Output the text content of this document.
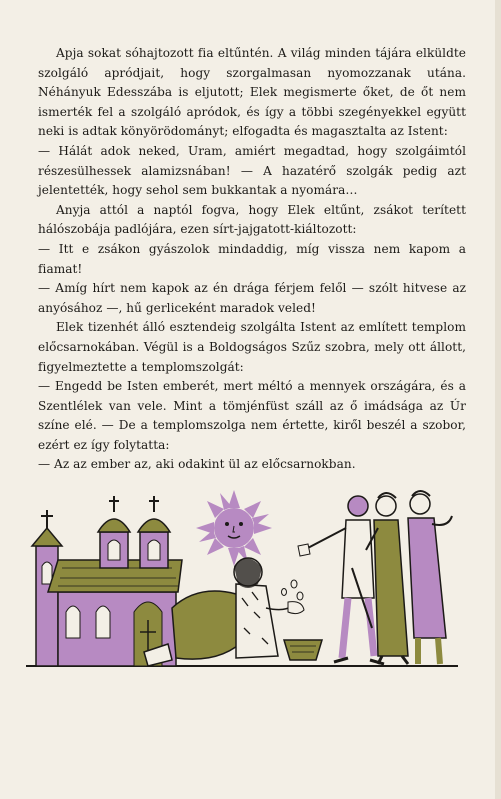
Apja sokat sóhajtozott fia eltűntén. A világ minden tájára elküldte szolgáló apródjait, hogy szorgalmasan nyomozzanak utána. Néhányuk Edesszába is eljutott; Elek megismerte őket, de őt nem ismerték fel a szolgáló apródok, és így a többi szegényekkel együtt neki is adtak könyörödományt; elfogadta és magasztalta az Istent:

— Hálát adok neked, Uram, amiért megadtad, hogy szolgáimtól részesülhessek alamizsnában! — A hazatérő szolgák pedig azt jelentették, hogy sehol sem bukkantak a nyomára…

Anyja attól a naptól fogva, hogy Elek eltűnt, zsákot terített hálószobája padlójára, ezen sírt-jajgatott-kiáltozott:

— Itt e zsákon gyászolok mindaddig, míg vissza nem kapom a fiamat!

— Amíg hírt nem kapok az én drága férjem felől — szólt hitvese az anyósához —, hű gerliceként maradok veled!

Elek tizenhét álló esztendeig szolgálta Istent az említett templom előcsarnokában. Végül is a Boldogságos Szűz szobra, mely ott állott, figyelmeztette a templomszolgát:

— Engedd be Isten emberét, mert méltó a mennyek országára, és a Szentlélek van vele. Mint a tömjénfüst száll az ő imádsága az Úr színe elé. — De a templomszolga nem értette, kiről beszél a szobor, ezért ez így folytatta:

— Az az ember az, aki odakint ül az előcsarnokban.
